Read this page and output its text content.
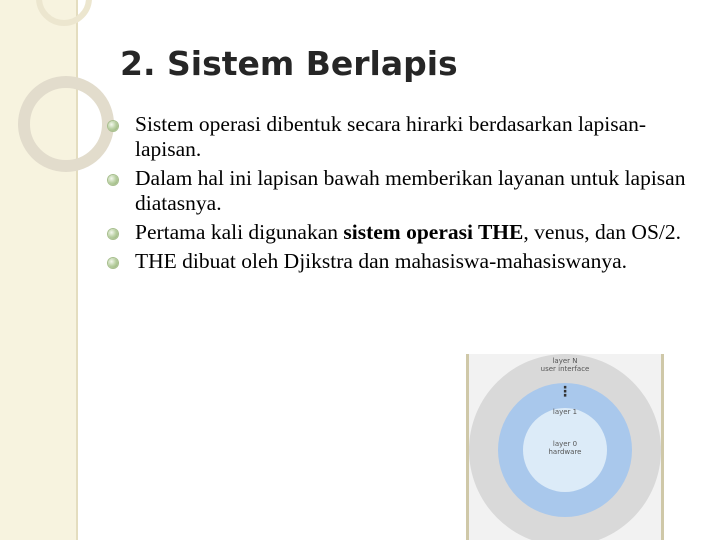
2. Sistem Berlapis
Sistem operasi dibentuk secara hirarki berdasarkan lapisan-lapisan.
Dalam hal ini lapisan bawah memberikan layanan untuk lapisan diatasnya.
Pertama kali digunakan sistem operasi THE, venus, dan OS/2.
THE dibuat oleh Djikstra dan mahasiswa-mahasiswanya.
layer N
user interface
⋮
layer 1
layer 0
hardware
